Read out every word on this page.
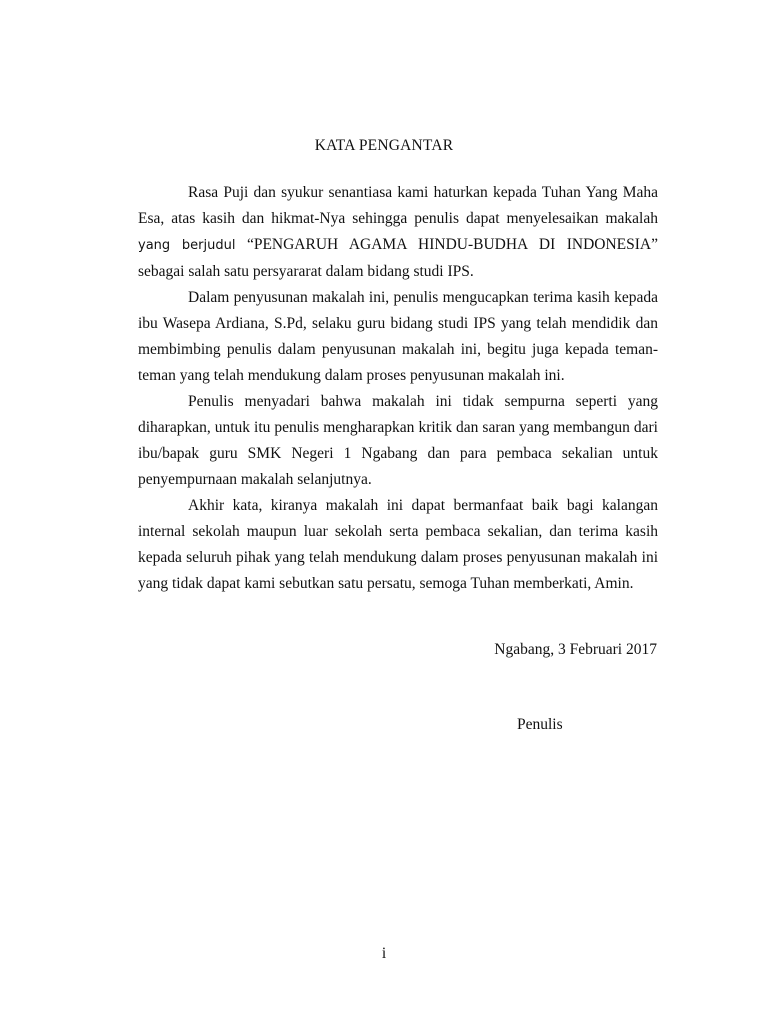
KATA PENGANTAR

Rasa Puji dan syukur senantiasa kami haturkan kepada Tuhan Yang Maha Esa, atas kasih dan hikmat-Nya sehingga penulis dapat menyelesaikan makalah yang berjudul “PENGARUH AGAMA HINDU-BUDHA DI INDONESIA” sebagai salah satu persyararat dalam bidang studi IPS.

Dalam penyusunan makalah ini, penulis mengucapkan terima kasih kepada ibu Wasepa Ardiana, S.Pd, selaku guru bidang studi IPS yang telah mendidik dan membimbing penulis dalam penyusunan makalah ini, begitu juga kepada teman-teman yang telah mendukung dalam proses penyusunan makalah ini.

Penulis menyadari bahwa makalah ini tidak sempurna seperti yang diharapkan, untuk itu penulis mengharapkan kritik dan saran yang membangun dari ibu/bapak guru SMK Negeri 1 Ngabang dan para pembaca sekalian untuk penyempurnaan makalah selanjutnya.

Akhir kata, kiranya makalah ini dapat bermanfaat baik bagi kalangan internal sekolah maupun luar sekolah serta pembaca sekalian, dan terima kasih kepada seluruh pihak yang telah mendukung dalam proses penyusunan makalah ini yang tidak dapat kami sebutkan satu persatu, semoga Tuhan memberkati, Amin.

Ngabang, 3 Februari 2017
Penulis
i
